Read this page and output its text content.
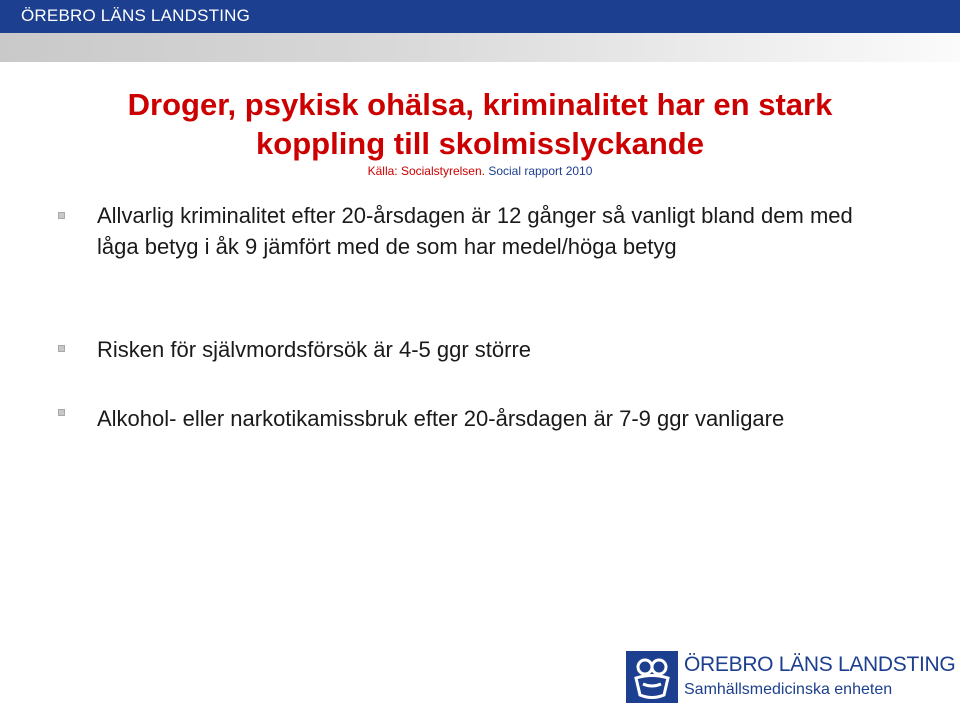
ÖREBRO LÄNS LANDSTING
Droger, psykisk ohälsa, kriminalitet har en stark
koppling till skolmisslyckande
Källa: Socialstyrelsen. Social rapport 2010

Allvarlig kriminalitet efter 20-årsdagen är 12 gånger så vanligt bland dem med låga betyg i åk 9 jämfört med de som har medel/höga betyg

Risken för självmordsförsök är 4-5 ggr större

Alkohol- eller narkotikamissbruk efter 20-årsdagen är 7-9 ggr vanligare

ÖREBRO LÄNS LANDSTING
Samhällsmedicinska enheten
